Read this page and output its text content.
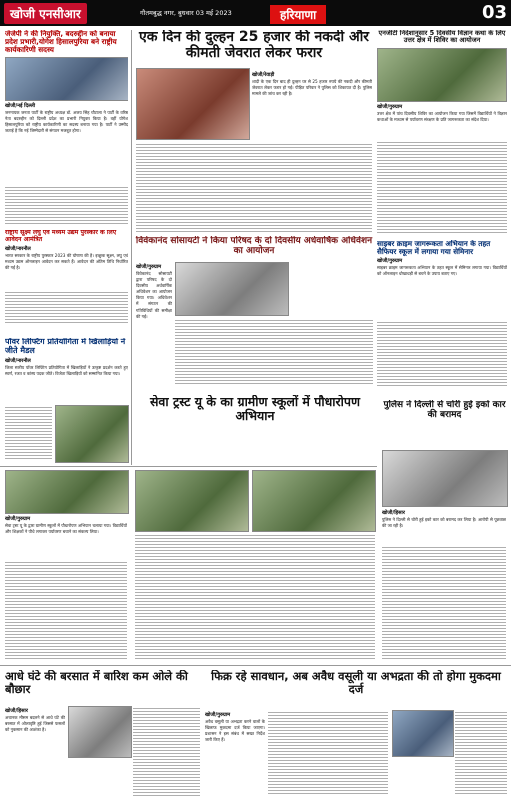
खोजी एनसीआर	गौतमबुद्ध नगर, बुधवार 03 मई 2023	हरियाणा	03
जेजेपी ने की नियुक्ति, बदरुद्दीन को बनाया प्रदेश प्रभारी,योगेश हिसालपुरिया बने राष्ट्रीय कार्यकारिणी सदस्य
खोजी/नई दिल्ली
जननायक जनता पार्टी के राष्ट्रीय अध्यक्ष डॉ. अजय सिंह चौटाला ने पार्टी के वरिष्ठ नेता बदरुद्दीन को दिल्ली प्रदेश का प्रभारी नियुक्त किया है। वहीं योगेश हिसालपुरिया को राष्ट्रीय कार्यकारिणी का सदस्य बनाया गया है। पार्टी ने उम्मीद जताई है कि नई जिम्मेदारी से संगठन मजबूत होगा।
राष्ट्रीय सूक्ष्म लघु एवं मध्यम उद्यम पुरस्कार के लिए आवेदन आमंत्रित
खोजी/नारनौल
भारत सरकार के राष्ट्रीय पुरस्कार 2023 की घोषणा की है। इच्छुक सूक्ष्म, लघु एवं मध्यम उद्यम ऑनलाइन आवेदन कर सकते हैं। आवेदन की अंतिम तिथि निर्धारित की गई है।
पॉवर लिफ्टिंग प्रतियोगिता में खिलाड़ियों ने जीते मैडल
खोजी/नारनौल
जिला स्तरीय पॉवर लिफ्टिंग प्रतियोगिता में खिलाड़ियों ने उत्कृष्ट प्रदर्शन करते हुए स्वर्ण, रजत व कांस्य पदक जीते। विजेता खिलाड़ियों को सम्मानित किया गया।
एक दिन की दुल्हन 25 हजार की नकदी और कीमती जेवरात लेकर फरार
खोजी/रेवाड़ी
शादी के एक दिन बाद ही दुल्हन घर से 25 हजार रुपये की नकदी और कीमती जेवरात लेकर फरार हो गई। पीड़ित परिवार ने पुलिस को शिकायत दी है। पुलिस मामले की जांच कर रही है।
एनजीटी निर्देशानुसार 5 दिवसीय विज्ञान कथा के लिए उत्तर क्षेत्र में शिविर का आयोजन
खोजी/गुरुग्राम
उत्तर क्षेत्र में पांच दिवसीय शिविर का आयोजन किया गया जिसमें विद्यार्थियों ने विज्ञान कथाओं के माध्यम से पर्यावरण संरक्षण के प्रति जागरूकता का संदेश दिया।
विवेकानंद सोसायटी ने किया परिषद के दो दिवसीय अर्धवार्षिक अधिवेशन का आयोजन
खोजी/गुरुग्राम
विवेकानंद सोसायटी द्वारा परिषद के दो दिवसीय अर्धवार्षिक अधिवेशन का आयोजन किया गया। अधिवेशन में संगठन की गतिविधियों की समीक्षा की गई।
साइबर क्राइम जागरूकता अभियान के तहत सैफियर स्कूल में लगाया गया सेमिनार
खोजी/गुरुग्राम
साइबर क्राइम जागरूकता अभियान के तहत स्कूल में सेमिनार लगाया गया। विद्यार्थियों को ऑनलाइन धोखाधड़ी से बचने के उपाय बताए गए।
सेवा ट्रस्ट यू के का ग्रामीण स्कूलों में पौधारोपण अभियान
खोजी/गुरुग्राम
सेवा ट्रस्ट यू के द्वारा ग्रामीण स्कूलों में पौधारोपण अभियान चलाया गया। विद्यार्थियों और शिक्षकों ने पौधे लगाकर पर्यावरण बचाने का संकल्प लिया।
पुलिस ने दिल्ली से चोरी हुई इको कार की बरामद
खोजी/हिसार
पुलिस ने दिल्ली से चोरी हुई इको कार को बरामद कर लिया है। आरोपी से पूछताछ की जा रही है।
आधे घंटे की बरसात में बारिश कम ओले की बौछार
खोजी/हिसार
अचानक मौसम बदलने से आधे घंटे की बरसात में ओलावृष्टि हुई जिससे फसलों को नुकसान की आशंका है।
फिक्र रहे सावधान, अब अवैध वसूली या अभद्रता की तो होगा मुकदमा दर्ज
खोजी/गुरुग्राम
अवैध वसूली या अभद्रता करने वालों के खिलाफ मुकदमा दर्ज किया जाएगा। प्रशासन ने इस संबंध में सख्त निर्देश जारी किए हैं।
